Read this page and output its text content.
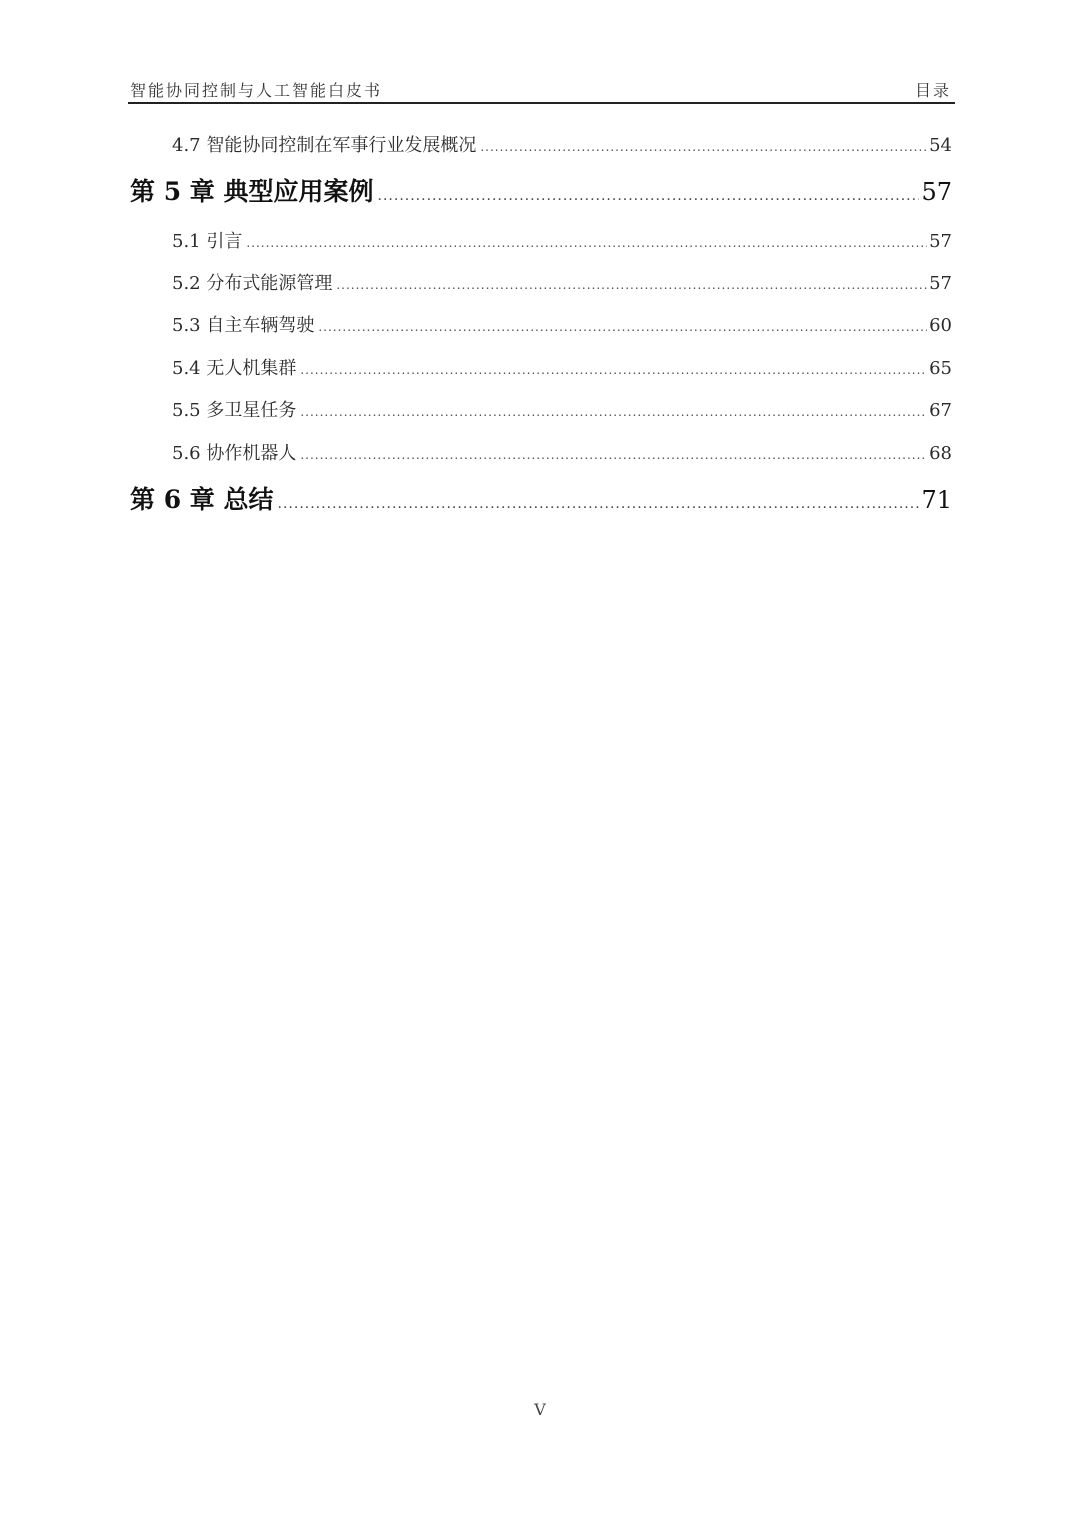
智能协同控制与人工智能白皮书	目录
4.7 智能协同控制在军事行业发展概况 .....	54
第 5 章 典型应用案例 .....	57
5.1 引言 .....	57
5.2 分布式能源管理 .....	57
5.3 自主车辆驾驶 .....	60
5.4 无人机集群 .....	65
5.5 多卫星任务 .....	67
5.6 协作机器人 .....	68
第 6 章 总结 .....	71
V
